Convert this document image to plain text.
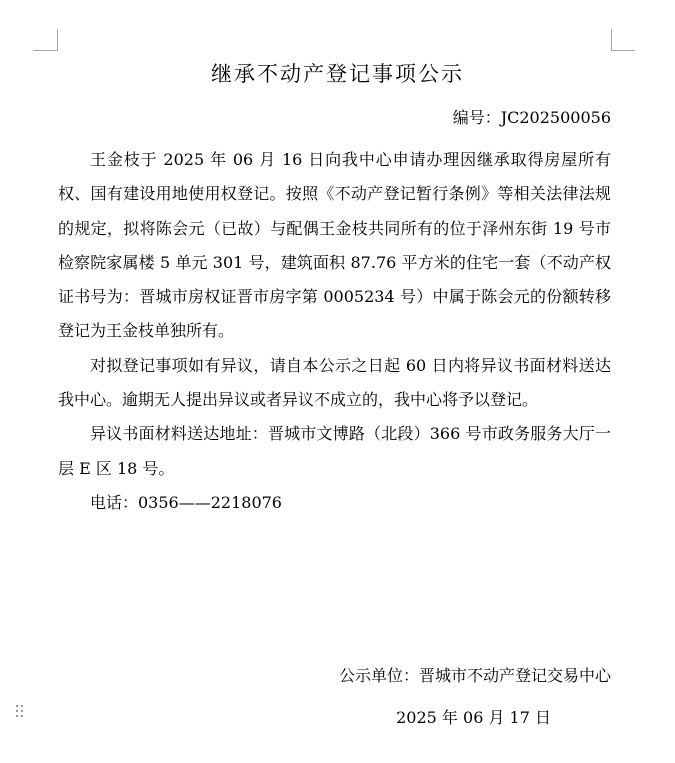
继承不动产登记事项公示
编号：JC202500056

王金枝于 2025 年 06 月 16 日向我中心申请办理因继承取得房屋所有权、国有建设用地使用权登记。按照《不动产登记暂行条例》等相关法律法规的规定，拟将陈会元（已故）与配偶王金枝共同所有的位于泽州东街 19 号市检察院家属楼 5 单元 301 号，建筑面积 87.76 平方米的住宅一套（不动产权证书号为：晋城市房权证晋市房字第 0005234 号）中属于陈会元的份额转移登记为王金枝单独所有。

对拟登记事项如有异议，请自本公示之日起 60 日内将异议书面材料送达我中心。逾期无人提出异议或者异议不成立的，我中心将予以登记。

异议书面材料送达地址：晋城市文博路（北段）366 号市政务服务大厅一层 E 区 18 号。

电话：0356——2218076

公示单位：晋城市不动产登记交易中心
2025 年 06 月 17 日
